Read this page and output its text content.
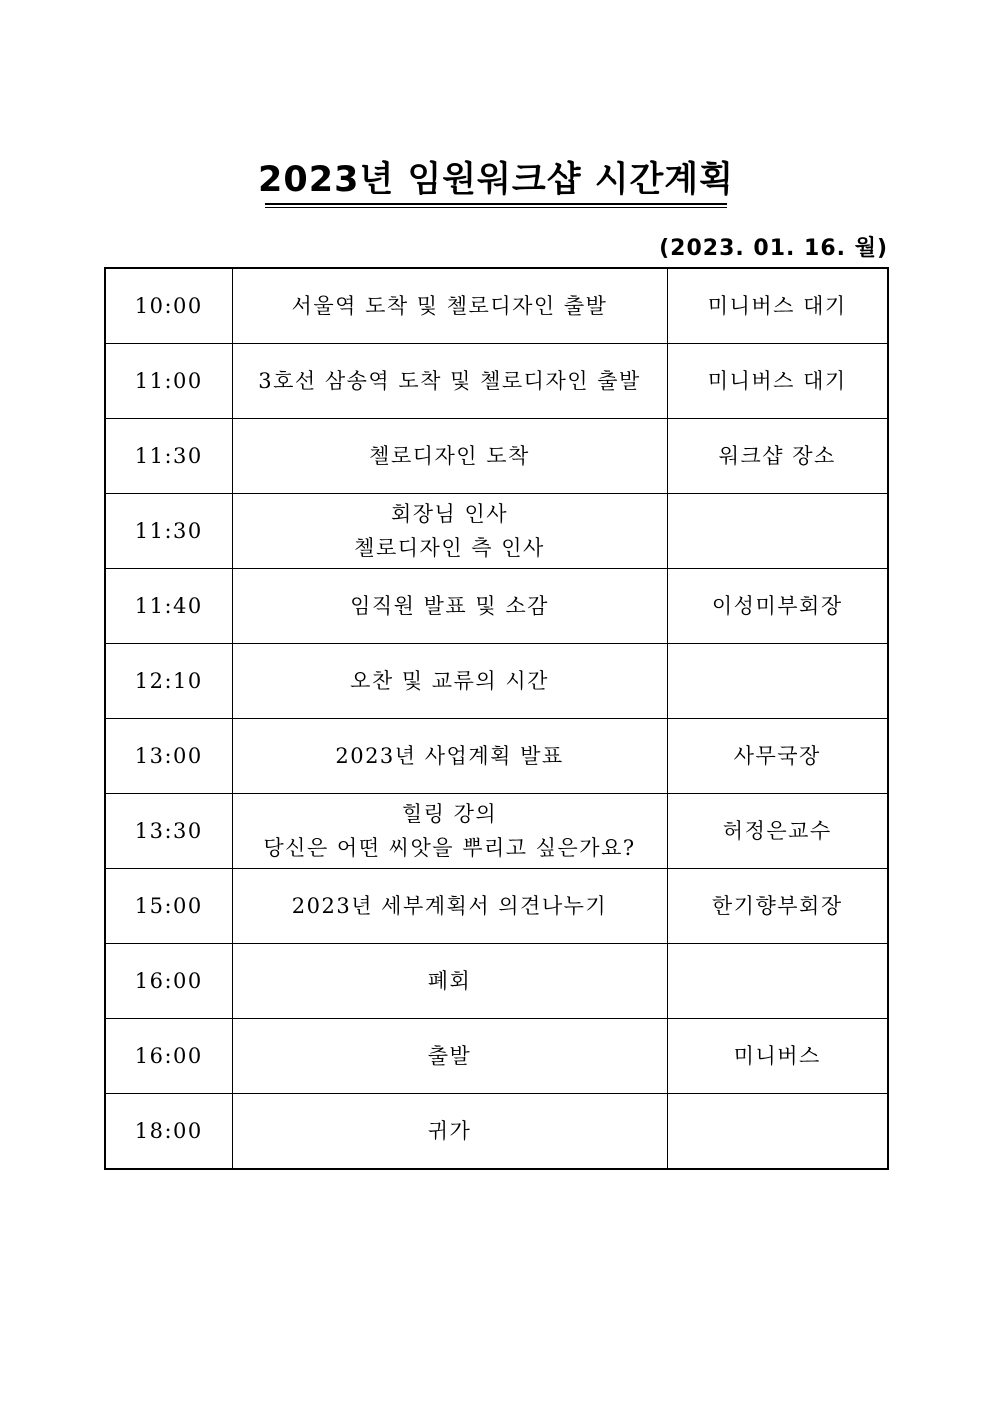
2023년 임원워크샵 시간계획
(2023. 01. 16. 월)
10:00	서울역 도착 및 첼로디자인 출발	미니버스 대기
11:00	3호선 삼송역 도착 및 첼로디자인 출발	미니버스 대기
11:30	첼로디자인 도착	워크샵 장소
11:30	회장님 인사
첼로디자인 측 인사	

11:40	임직원 발표 및 소감	이성미부회장
12:10	오찬 및 교류의 시간	

13:00	2023년 사업계획 발표	사무국장
13:30	힐링 강의
당신은 어떤 씨앗을 뿌리고 싶은가요?	허정은교수
15:00	2023년 세부계획서 의견나누기	한기향부회장
16:00	폐회	

16:00	출발	미니버스
18:00	귀가	
